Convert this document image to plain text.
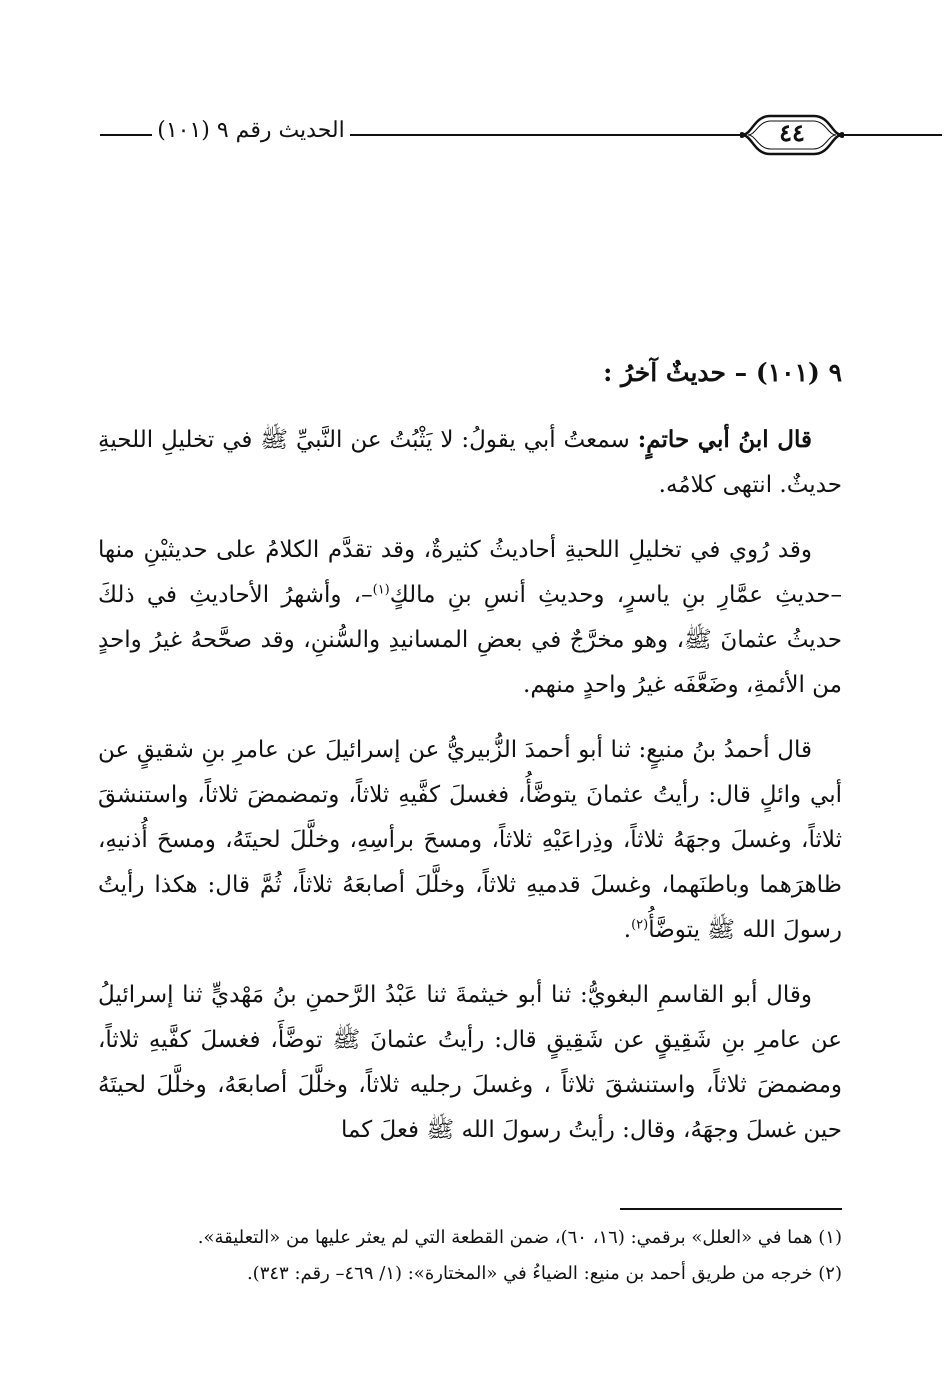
الحديث رقم ٩ (١٠١)	٤٤
٩ (١٠١) – حديثٌ آخرُ :

قال ابنُ أبي حاتمٍ: سمعتُ أبي يقولُ: لا يَثْبُتُ عن النَّبيِّ ﷺ في تخليلِ اللحيةِ حديثٌ. انتهى كلامُه.

وقد رُوي في تخليلِ اللحيةِ أحاديثُ كثيرةٌ، وقد تقدَّم الكلامُ على حديثيْنِ منها –حديثِ عمَّارِ بنِ ياسرٍ، وحديثِ أنسِ بنِ مالكٍ$^{(١)}$–، وأشهرُ الأحاديثِ في ذلكَ حديثُ عثمانَ ﷺ، وهو مخرَّجٌ في بعضِ المسانيدِ والسُّننِ، وقد صحَّحهُ غيرُ واحدٍ من الأئمةِ، وضَعَّفَه غيرُ واحدٍ منهم.

قال أحمدُ بنُ منيعٍ: ثنا أبو أحمدَ الزُّبيريُّ عن إسرائيلَ عن عامرِ بنِ شقيقٍ عن أبي وائلٍ قال: رأيتُ عثمانَ يتوضَّأُ، فغسلَ كفَّيهِ ثلاثاً، وتمضمضَ ثلاثاً، واستنشقَ ثلاثاً، وغسلَ وجهَهُ ثلاثاً، وذِراعَيْهِ ثلاثاً، ومسحَ برأسِهِ، وخلَّلَ لحيتَهُ، ومسحَ أُذنيهِ، ظاهرَهما وباطنَهما، وغسلَ قدميهِ ثلاثاً، وخلَّلَ أصابعَهُ ثلاثاً، ثُمَّ قال: هكذا رأيتُ رسولَ الله ﷺ يتوضَّأُ$^{(٢)}$.

وقال أبو القاسمِ البغويُّ: ثنا أبو خيثمةَ ثنا عَبْدُ الرَّحمنِ بنُ مَهْديٍّ ثنا إسرائيلُ عن عامرِ بنِ شَقِيقٍ عن شَقِيقٍ قال: رأيتُ عثمانَ ﷺ توضَّأَ، فغسلَ كفَّيهِ ثلاثاً، ومضمضَ ثلاثاً، واستنشقَ ثلاثاً ، وغسلَ رجليه ثلاثاً، وخلَّلَ أصابعَهُ، وخلَّلَ لحيتَهُ حين غسلَ وجهَهُ، وقال: رأيتُ رسولَ الله ﷺ فعلَ كما

(١) هما في «العلل» برقمي: (١٦، ٦٠)، ضمن القطعة التي لم يعثر عليها من «التعليقة».

(٢) خرجه من طريق أحمد بن منيع: الضياءُ في «المختارة»: (١/ ٤٦٩– رقم: ٣٤٣).
